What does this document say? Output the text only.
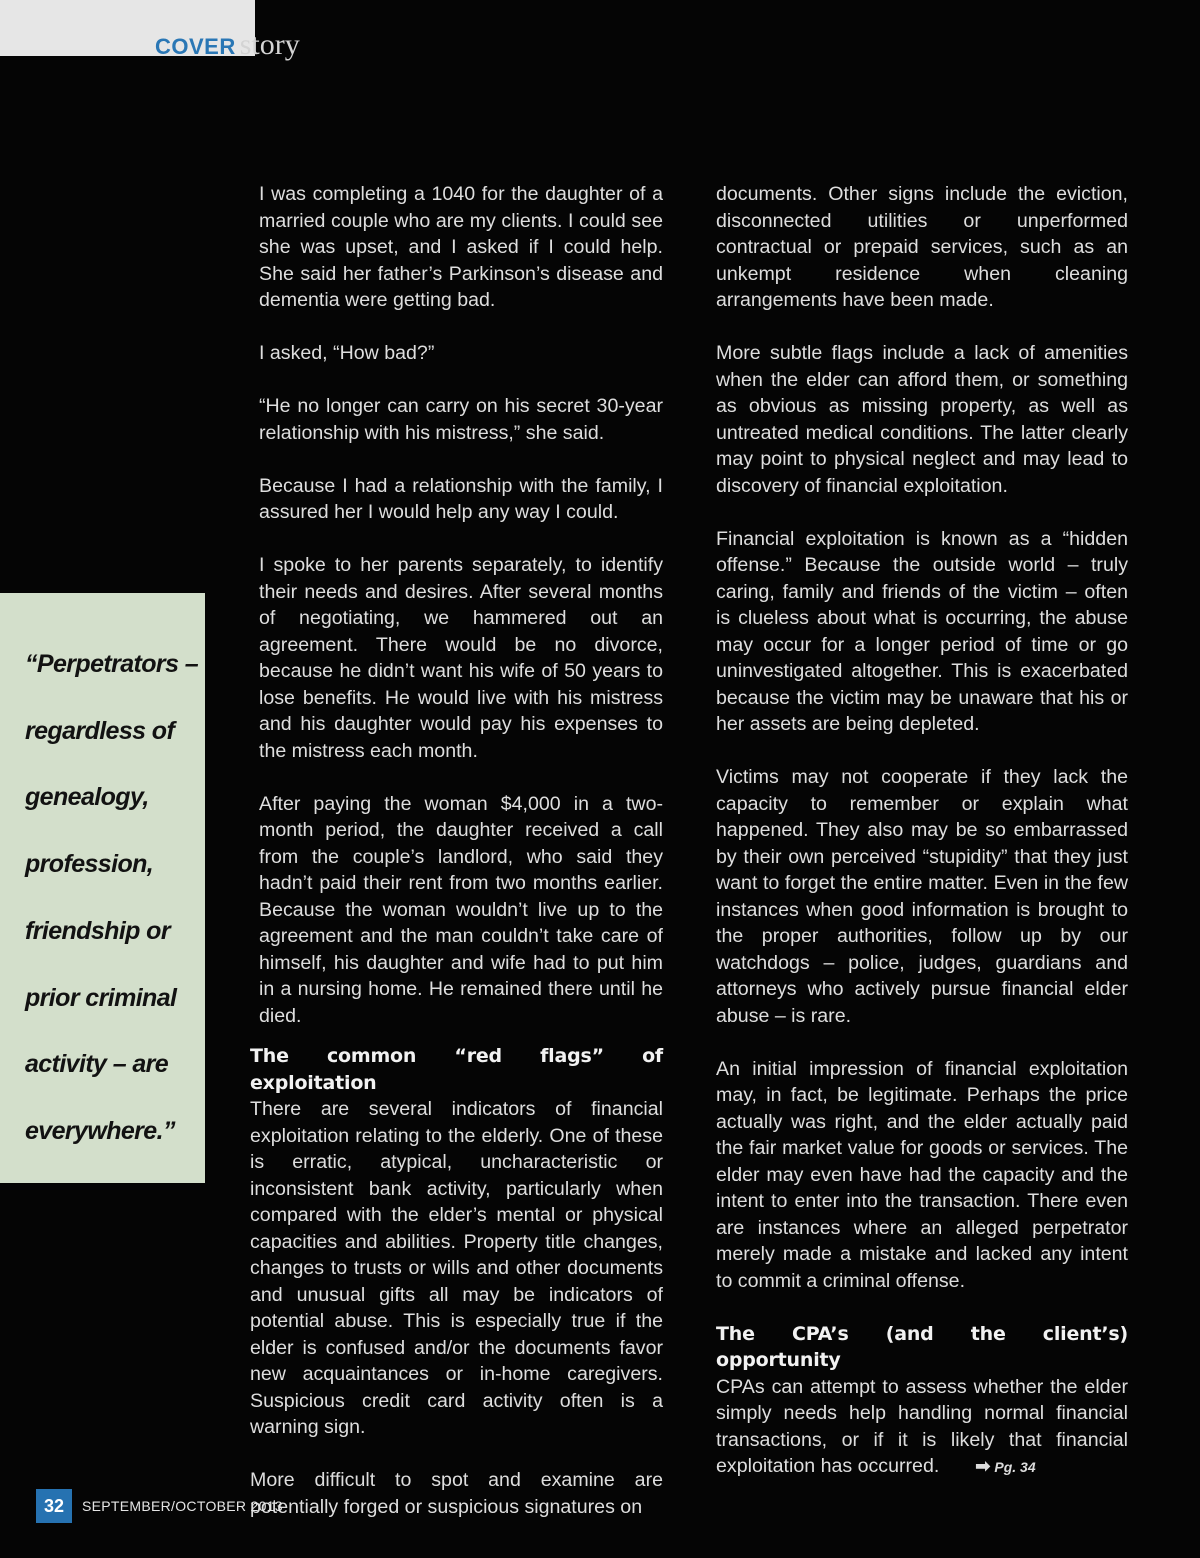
COVER story

“Perpetrators – regardless of genealogy, profession, friendship or prior criminal activity – are everywhere.”

I was completing a 1040 for the daughter of a married couple who are my clients. I could see she was upset, and I asked if I could help. She said her father’s Parkinson’s disease and dementia were getting bad.

I asked, “How bad?”

“He no longer can carry on his secret 30-year relationship with his mistress,” she said.

Because I had a relationship with the family, I assured her I would help any way I could.

I spoke to her parents separately, to identify their needs and desires. After several months of negotiating, we hammered out an agreement. There would be no divorce, because he didn’t want his wife of 50 years to lose benefits. He would live with his mistress and his daughter would pay his expenses to the mistress each month.

After paying the woman $4,000 in a two-month period, the daughter received a call from the couple’s landlord, who said they hadn’t paid their rent from two months earlier. Because the woman wouldn’t live up to the agreement and the man couldn’t take care of himself, his daughter and wife had to put him in a nursing home. He remained there until he died.

The common “red flags” of exploitation

There are several indicators of financial exploitation relating to the elderly. One of these is erratic, atypical, uncharacteristic or inconsistent bank activity, particularly when compared with the elder’s mental or physical capacities and abilities. Property title changes, changes to trusts or wills and other documents and unusual gifts all may be indicators of potential abuse. This is especially true if the elder is confused and/or the documents favor new acquaintances or in-home caregivers. Suspicious credit card activity often is a warning sign.

More difficult to spot and examine are potentially forged or suspicious signatures on

documents. Other signs include the eviction, disconnected utilities or unperformed contractual or prepaid services, such as an unkempt residence when cleaning arrangements have been made.

More subtle flags include a lack of amenities when the elder can afford them, or something as obvious as missing property, as well as untreated medical conditions. The latter clearly may point to physical neglect and may lead to discovery of financial exploitation.

Financial exploitation is known as a “hidden offense.” Because the outside world – truly caring, family and friends of the victim – often is clueless about what is occurring, the abuse may occur for a longer period of time or go uninvestigated altogether. This is exacerbated because the victim may be unaware that his or her assets are being depleted.

Victims may not cooperate if they lack the capacity to remember or explain what happened. They also may be so embarrassed by their own perceived “stupidity” that they just want to forget the entire matter. Even in the few instances when good information is brought to the proper authorities, follow up by our watchdogs – police, judges, guardians and attorneys who actively pursue financial elder abuse – is rare.

An initial impression of financial exploitation may, in fact, be legitimate. Perhaps the price actually was right, and the elder actually paid the fair market value for goods or services. The elder may even have had the capacity and the intent to enter into the transaction. There even are instances where an alleged perpetrator merely made a mistake and lacked any intent to commit a criminal offense.

The CPA’s (and the client’s) opportunity

CPAs can attempt to assess whether the elder simply needs help handling normal financial transactions, or if it is likely that financial exploitation has occurred. ➡ Pg. 34

32	SEPTEMBER/OCTOBER 2013
